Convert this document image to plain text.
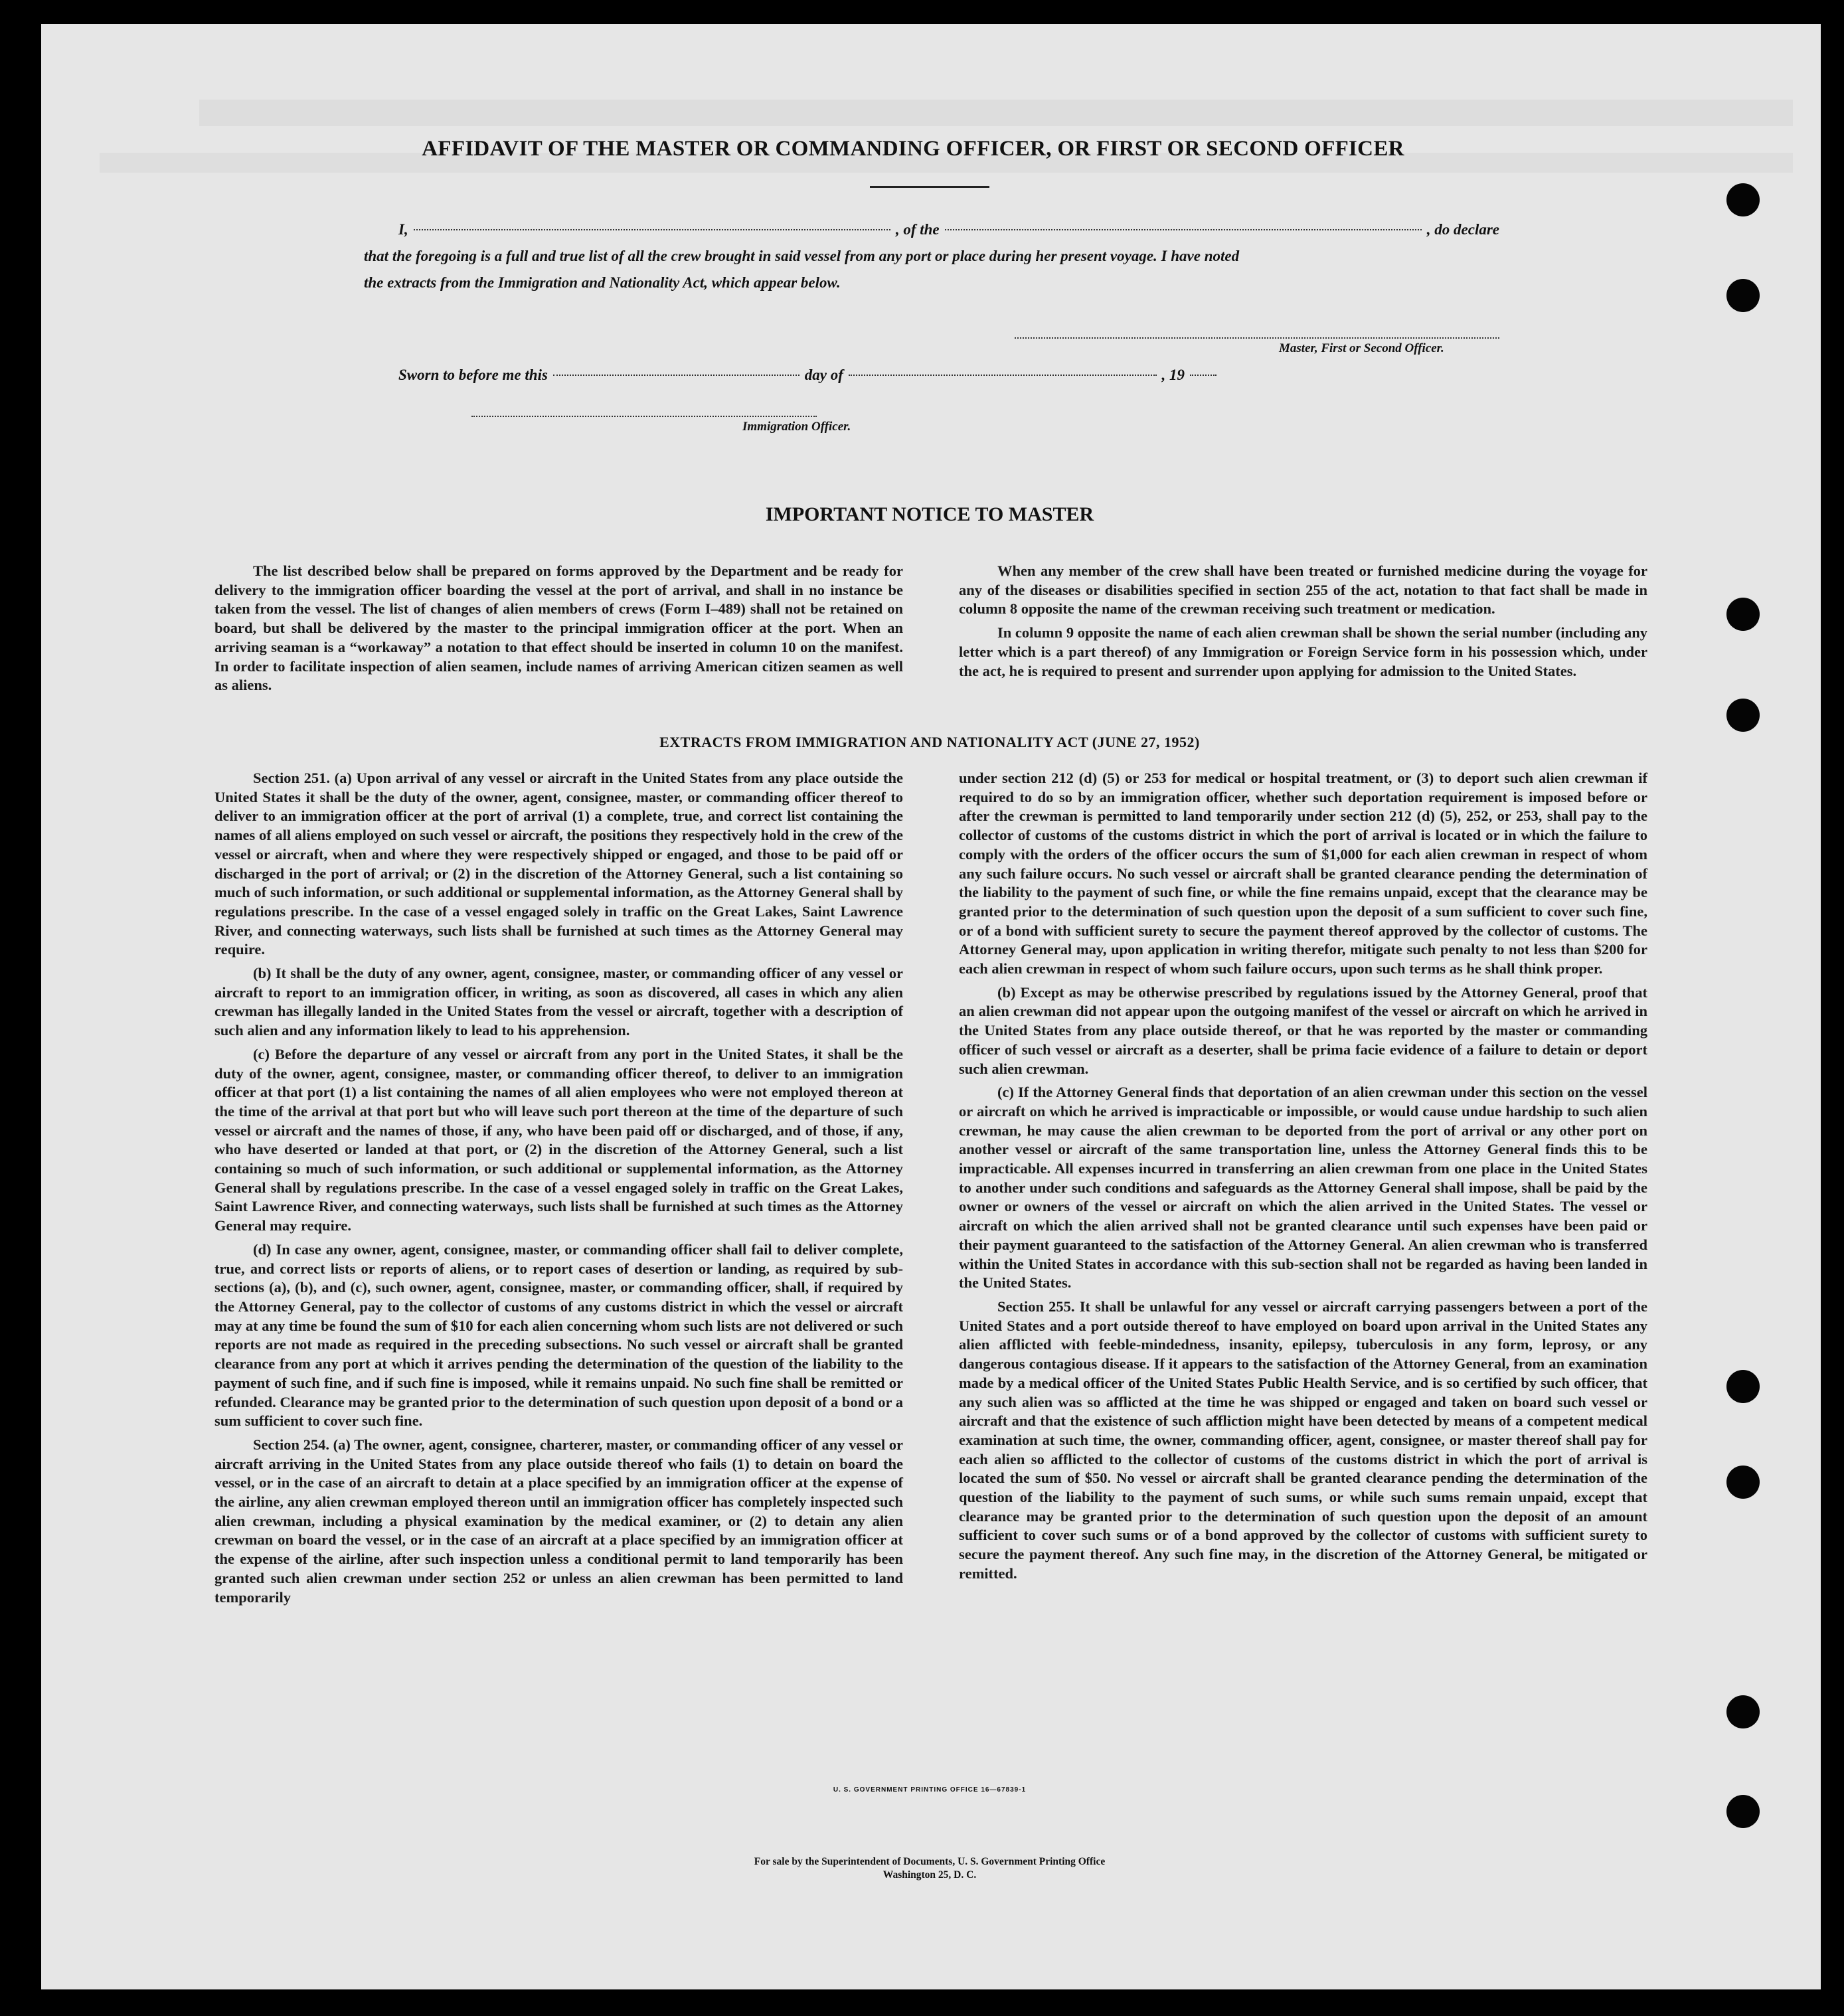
AFFIDAVIT OF THE MASTER OR COMMANDING OFFICER, OR FIRST OR SECOND OFFICER
I,	, of the	, do declare
that the foregoing is a full and true list of all the crew brought in said vessel from any port or place during her present voyage. I have noted
the extracts from the Immigration and Nationality Act, which appear below.
Master, First or Second Officer.
Sworn to before me this	day of	, 19
Immigration Officer.
IMPORTANT NOTICE TO MASTER

The list described below shall be prepared on forms approved by the Department and be ready for delivery to the immigration officer boarding the vessel at the port of arrival, and shall in no instance be taken from the vessel. The list of changes of alien members of crews (Form I–489) shall not be retained on board, but shall be delivered by the master to the principal immigration officer at the port. When an arriving seaman is a “workaway” a notation to that effect should be inserted in column 10 on the manifest. In order to facilitate inspection of alien seamen, include names of arriving American citizen seamen as well as aliens.

When any member of the crew shall have been treated or furnished medicine during the voyage for any of the diseases or disabilities specified in section 255 of the act, notation to that fact shall be made in column 8 opposite the name of the crewman receiving such treatment or medication.

In column 9 opposite the name of each alien crewman shall be shown the serial number (including any letter which is a part thereof) of any Immigration or Foreign Service form in his possession which, under the act, he is required to present and surrender upon applying for admission to the United States.

EXTRACTS FROM IMMIGRATION AND NATIONALITY ACT (JUNE 27, 1952)

Section 251. (a) Upon arrival of any vessel or aircraft in the United States from any place outside the United States it shall be the duty of the owner, agent, consignee, master, or commanding officer thereof to deliver to an immigration officer at the port of arrival (1) a complete, true, and correct list containing the names of all aliens employed on such vessel or aircraft, the positions they respectively hold in the crew of the vessel or aircraft, when and where they were respectively shipped or engaged, and those to be paid off or discharged in the port of arrival; or (2) in the discretion of the Attorney General, such a list containing so much of such information, or such additional or supplemental information, as the Attorney General shall by regulations prescribe. In the case of a vessel engaged solely in traffic on the Great Lakes, Saint Lawrence River, and connecting waterways, such lists shall be furnished at such times as the Attorney General may require.

(b) It shall be the duty of any owner, agent, consignee, master, or commanding officer of any vessel or aircraft to report to an immigration officer, in writing, as soon as discovered, all cases in which any alien crewman has illegally landed in the United States from the vessel or aircraft, together with a description of such alien and any information likely to lead to his apprehension.

(c) Before the departure of any vessel or aircraft from any port in the United States, it shall be the duty of the owner, agent, consignee, master, or commanding officer thereof, to deliver to an immigration officer at that port (1) a list containing the names of all alien employees who were not employed thereon at the time of the arrival at that port but who will leave such port thereon at the time of the departure of such vessel or aircraft and the names of those, if any, who have been paid off or discharged, and of those, if any, who have deserted or landed at that port, or (2) in the discretion of the Attorney General, such a list containing so much of such information, or such additional or supplemental information, as the Attorney General shall by regulations prescribe. In the case of a vessel engaged solely in traffic on the Great Lakes, Saint Lawrence River, and connecting waterways, such lists shall be furnished at such times as the Attorney General may require.

(d) In case any owner, agent, consignee, master, or commanding officer shall fail to deliver complete, true, and correct lists or reports of aliens, or to report cases of desertion or landing, as required by sub-sections (a), (b), and (c), such owner, agent, consignee, master, or commanding officer, shall, if required by the Attorney General, pay to the collector of customs of any customs district in which the vessel or aircraft may at any time be found the sum of $10 for each alien concerning whom such lists are not delivered or such reports are not made as required in the preceding subsections. No such vessel or aircraft shall be granted clearance from any port at which it arrives pending the determination of the question of the liability to the payment of such fine, and if such fine is imposed, while it remains unpaid. No such fine shall be remitted or refunded. Clearance may be granted prior to the determination of such question upon deposit of a bond or a sum sufficient to cover such fine.

Section 254. (a) The owner, agent, consignee, charterer, master, or commanding officer of any vessel or aircraft arriving in the United States from any place outside thereof who fails (1) to detain on board the vessel, or in the case of an aircraft to detain at a place specified by an immigration officer at the expense of the airline, any alien crewman employed thereon until an immigration officer has completely inspected such alien crewman, including a physical examination by the medical examiner, or (2) to detain any alien crewman on board the vessel, or in the case of an aircraft at a place specified by an immigration officer at the expense of the airline, after such inspection unless a conditional permit to land temporarily has been granted such alien crewman under section 252 or unless an alien crewman has been permitted to land temporarily

under section 212 (d) (5) or 253 for medical or hospital treatment, or (3) to deport such alien crewman if required to do so by an immigration officer, whether such deportation requirement is imposed before or after the crewman is permitted to land temporarily under section 212 (d) (5), 252, or 253, shall pay to the collector of customs of the customs district in which the port of arrival is located or in which the failure to comply with the orders of the officer occurs the sum of $1,000 for each alien crewman in respect of whom any such failure occurs. No such vessel or aircraft shall be granted clearance pending the determination of the liability to the payment of such fine, or while the fine remains unpaid, except that the clearance may be granted prior to the determination of such question upon the deposit of a sum sufficient to cover such fine, or of a bond with sufficient surety to secure the payment thereof approved by the collector of customs. The Attorney General may, upon application in writing therefor, mitigate such penalty to not less than $200 for each alien crewman in respect of whom such failure occurs, upon such terms as he shall think proper.

(b) Except as may be otherwise prescribed by regulations issued by the Attorney General, proof that an alien crewman did not appear upon the outgoing manifest of the vessel or aircraft on which he arrived in the United States from any place outside thereof, or that he was reported by the master or commanding officer of such vessel or aircraft as a deserter, shall be prima facie evidence of a failure to detain or deport such alien crewman.

(c) If the Attorney General finds that deportation of an alien crewman under this section on the vessel or aircraft on which he arrived is impracticable or impossible, or would cause undue hardship to such alien crewman, he may cause the alien crewman to be deported from the port of arrival or any other port on another vessel or aircraft of the same transportation line, unless the Attorney General finds this to be impracticable. All expenses incurred in transferring an alien crewman from one place in the United States to another under such conditions and safeguards as the Attorney General shall impose, shall be paid by the owner or owners of the vessel or aircraft on which the alien arrived in the United States. The vessel or aircraft on which the alien arrived shall not be granted clearance until such expenses have been paid or their payment guaranteed to the satisfaction of the Attorney General. An alien crewman who is transferred within the United States in accordance with this sub-section shall not be regarded as having been landed in the United States.

Section 255. It shall be unlawful for any vessel or aircraft carrying passengers between a port of the United States and a port outside thereof to have employed on board upon arrival in the United States any alien afflicted with feeble-mindedness, insanity, epilepsy, tuberculosis in any form, leprosy, or any dangerous contagious disease. If it appears to the satisfaction of the Attorney General, from an examination made by a medical officer of the United States Public Health Service, and is so certified by such officer, that any such alien was so afflicted at the time he was shipped or engaged and taken on board such vessel or aircraft and that the existence of such affliction might have been detected by means of a competent medical examination at such time, the owner, commanding officer, agent, consignee, or master thereof shall pay for each alien so afflicted to the collector of customs of the customs district in which the port of arrival is located the sum of $50. No vessel or aircraft shall be granted clearance pending the determination of the question of the liability to the payment of such sums, or while such sums remain unpaid, except that clearance may be granted prior to the determination of such question upon the deposit of an amount sufficient to cover such sums or of a bond approved by the collector of customs with sufficient surety to secure the payment thereof. Any such fine may, in the discretion of the Attorney General, be mitigated or remitted.

U. S. GOVERNMENT PRINTING OFFICE 16—67839-1
For sale by the Superintendent of Documents, U. S. Government Printing Office
Washington 25, D. C.
